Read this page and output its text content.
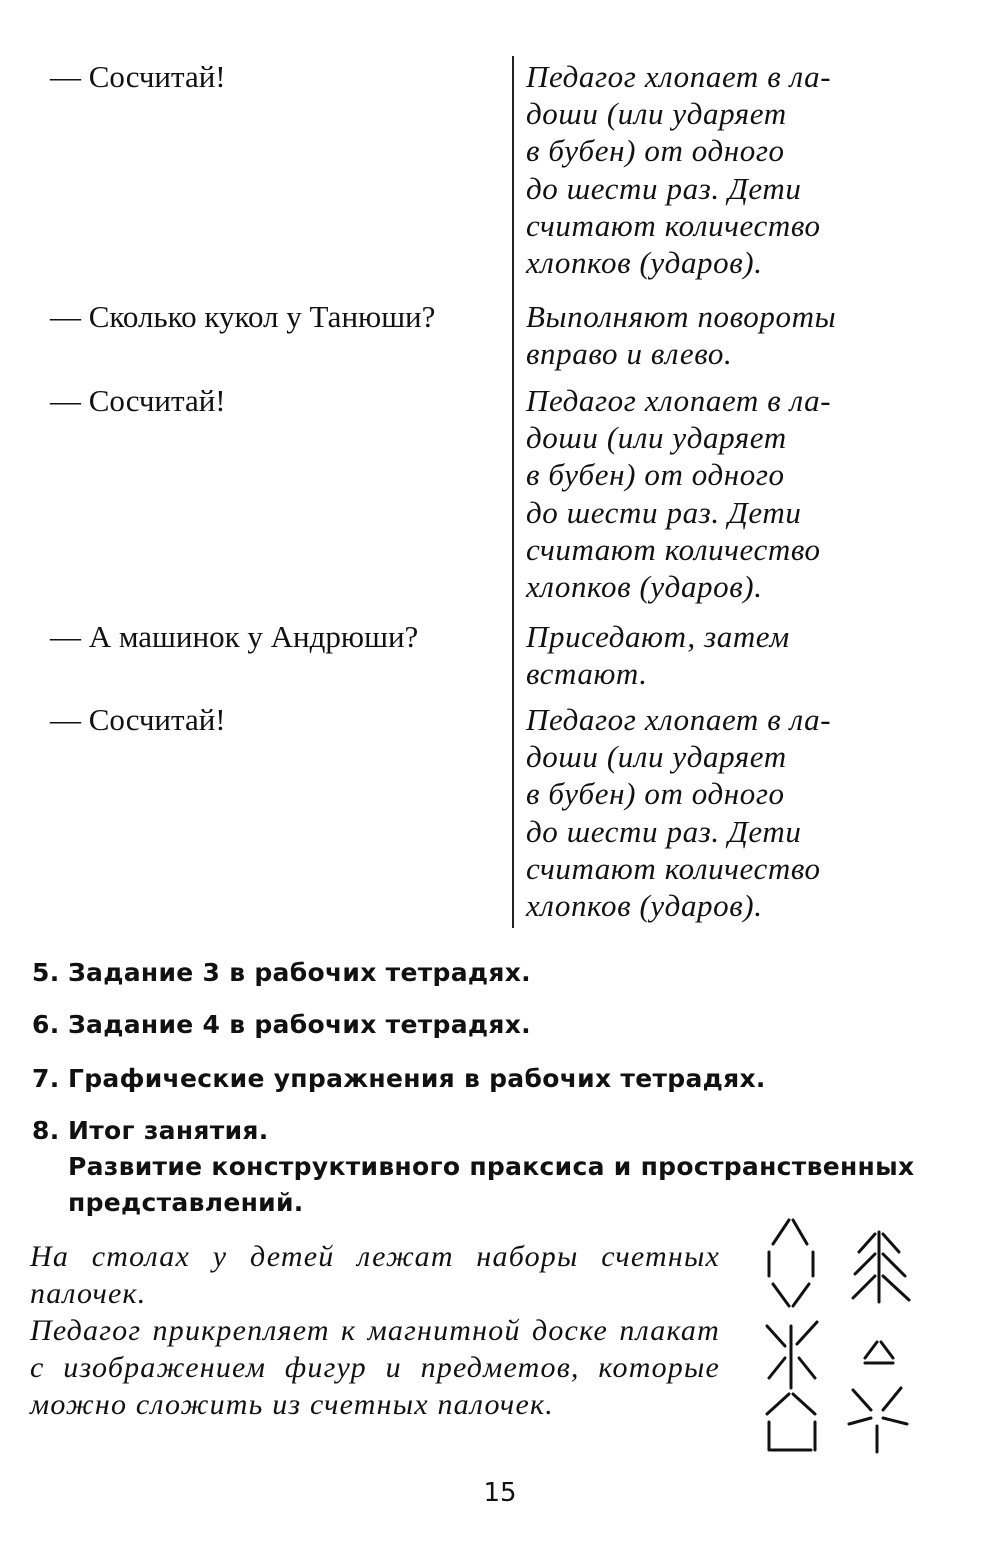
— Сосчитай!	Педагог хлопает в ла-
доши (или ударяет
в бубен) от одного
до шести раз. Дети
считают количество
хлопков (ударов).
— Сколько кукол у Танюши?	Выполняют повороты
вправо и влево.
— Сосчитай!	Педагог хлопает в ла-
доши (или ударяет
в бубен) от одного
до шести раз. Дети
считают количество
хлопков (ударов).
— А машинок у Андрюши?	Приседают, затем
встают.
— Сосчитай!	Педагог хлопает в ла-
доши (или ударяет
в бубен) от одного
до шести раз. Дети
считают количество
хлопков (ударов).
5. Задание 3 в рабочих тетрадях.
6. Задание 4 в рабочих тетрадях.
7. Графические упражнения в рабочих тетрадях.
8. Итог занятия.
Развитие конструктивного праксиса и пространственных
представлений.
На столах у детей лежат наборы счетных палочек.
Педагог прикрепляет к магнитной доске плакат с изображением фигур и предметов, которые можно сложить из счетных палочек.
15
